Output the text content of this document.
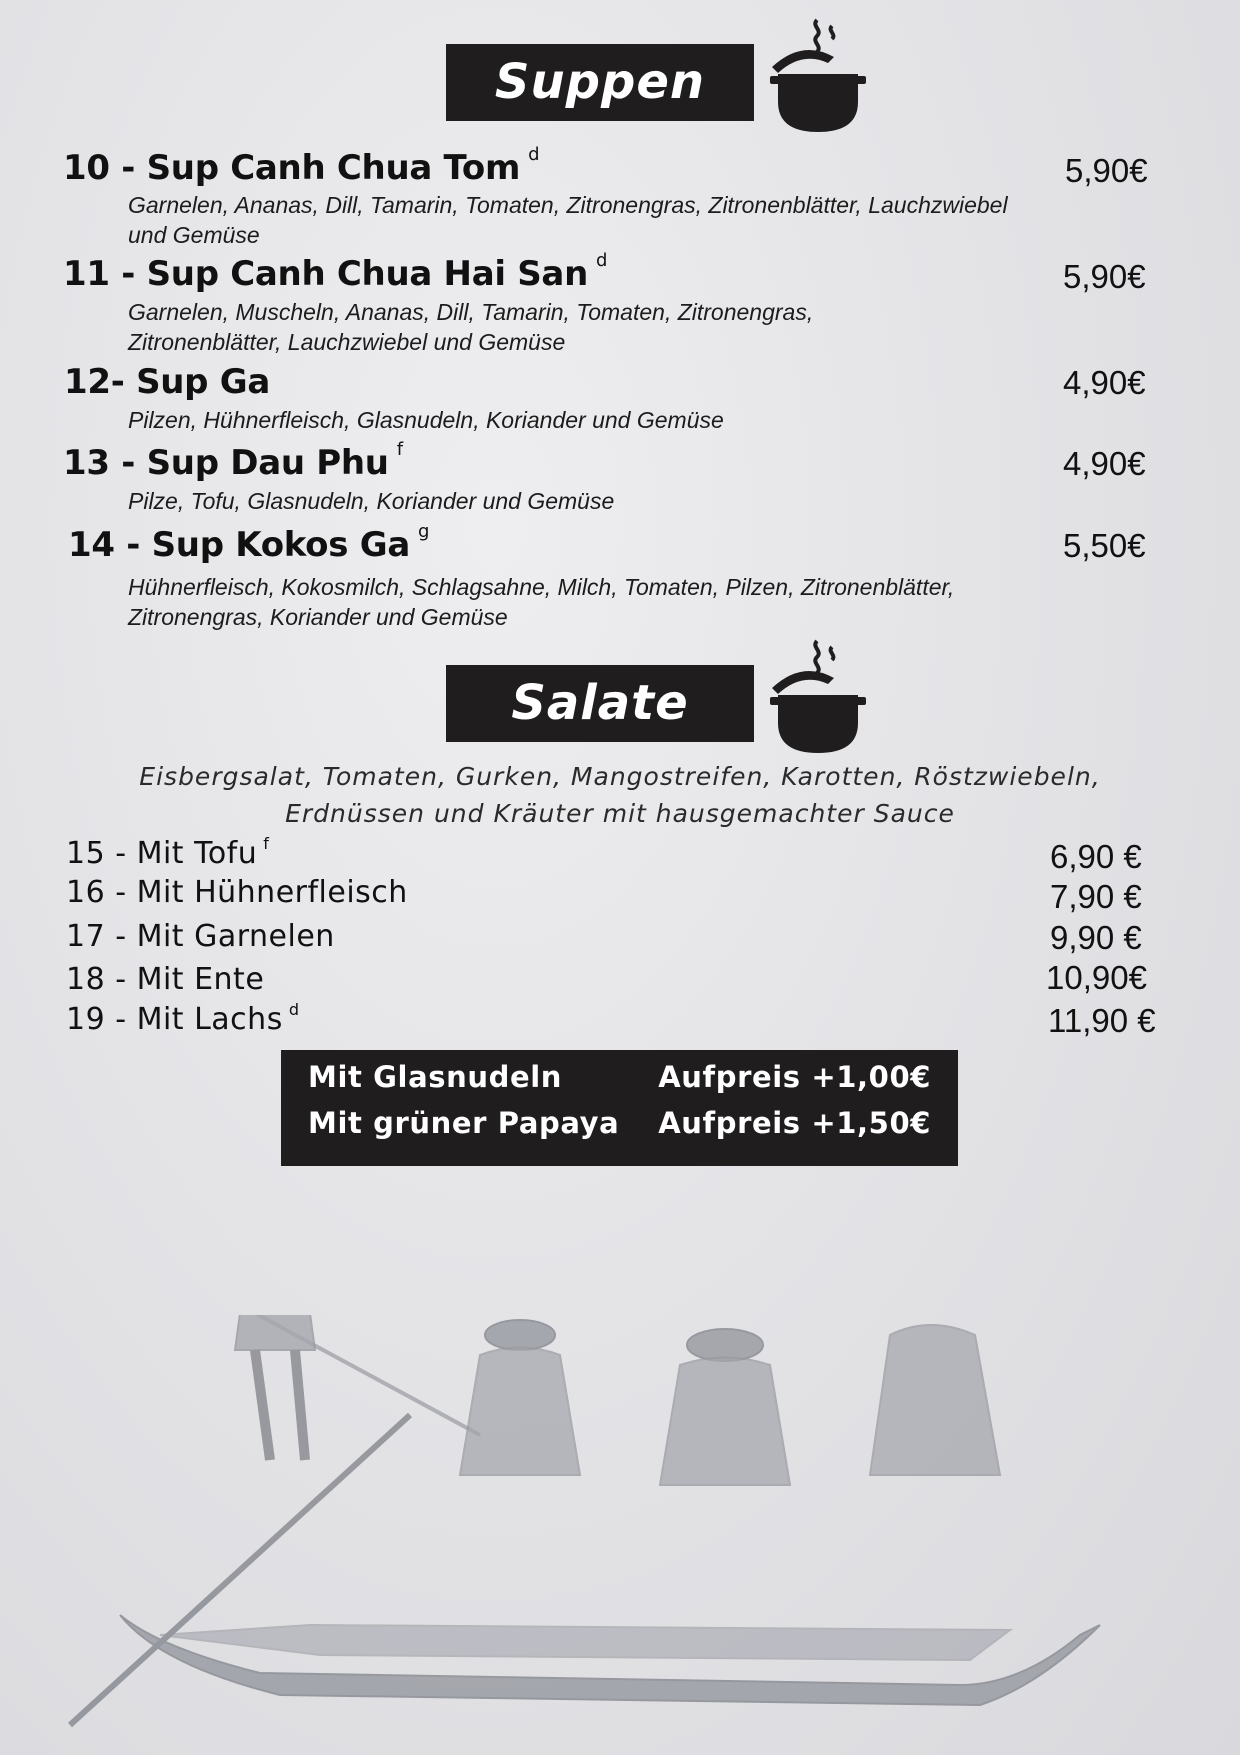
Suppen
10 - Sup Canh Chua Tom $^d$	5,90€
Garnelen, Ananas, Dill, Tamarin, Tomaten, Zitronengras, Zitronenblätter, Lauchzwiebel und Gemüse
11 - Sup Canh Chua Hai San $^d$	5,90€
Garnelen, Muscheln, Ananas, Dill, Tamarin, Tomaten, Zitronengras, Zitronenblätter, Lauchzwiebel und Gemüse
12- Sup Ga	4,90€
Pilzen, Hühnerfleisch, Glasnudeln, Koriander und Gemüse
13 - Sup Dau Phu $^f$	4,90€
Pilze, Tofu, Glasnudeln, Koriander und Gemüse
14 - Sup Kokos Ga $^g$	5,50€
Hühnerfleisch, Kokosmilch, Schlagsahne, Milch, Tomaten, Pilzen, Zitronenblätter, Zitronengras, Koriander und Gemüse
Salate
Eisbergsalat, Tomaten, Gurken, Mangostreifen, Karotten, Röstzwiebeln, Erdnüssen und Kräuter mit hausgemachter Sauce
15 - Mit Tofu $^f$	6,90 €
16 - Mit Hühnerfleisch	7,90 €
17 - Mit Garnelen	9,90 €
18 - Mit Ente	10,90€
19 - Mit Lachs $^d$	11,90 €
Mit Glasnudeln	Aufpreis +1,00€
Mit grüner Papaya Aufpreis +1,50€
